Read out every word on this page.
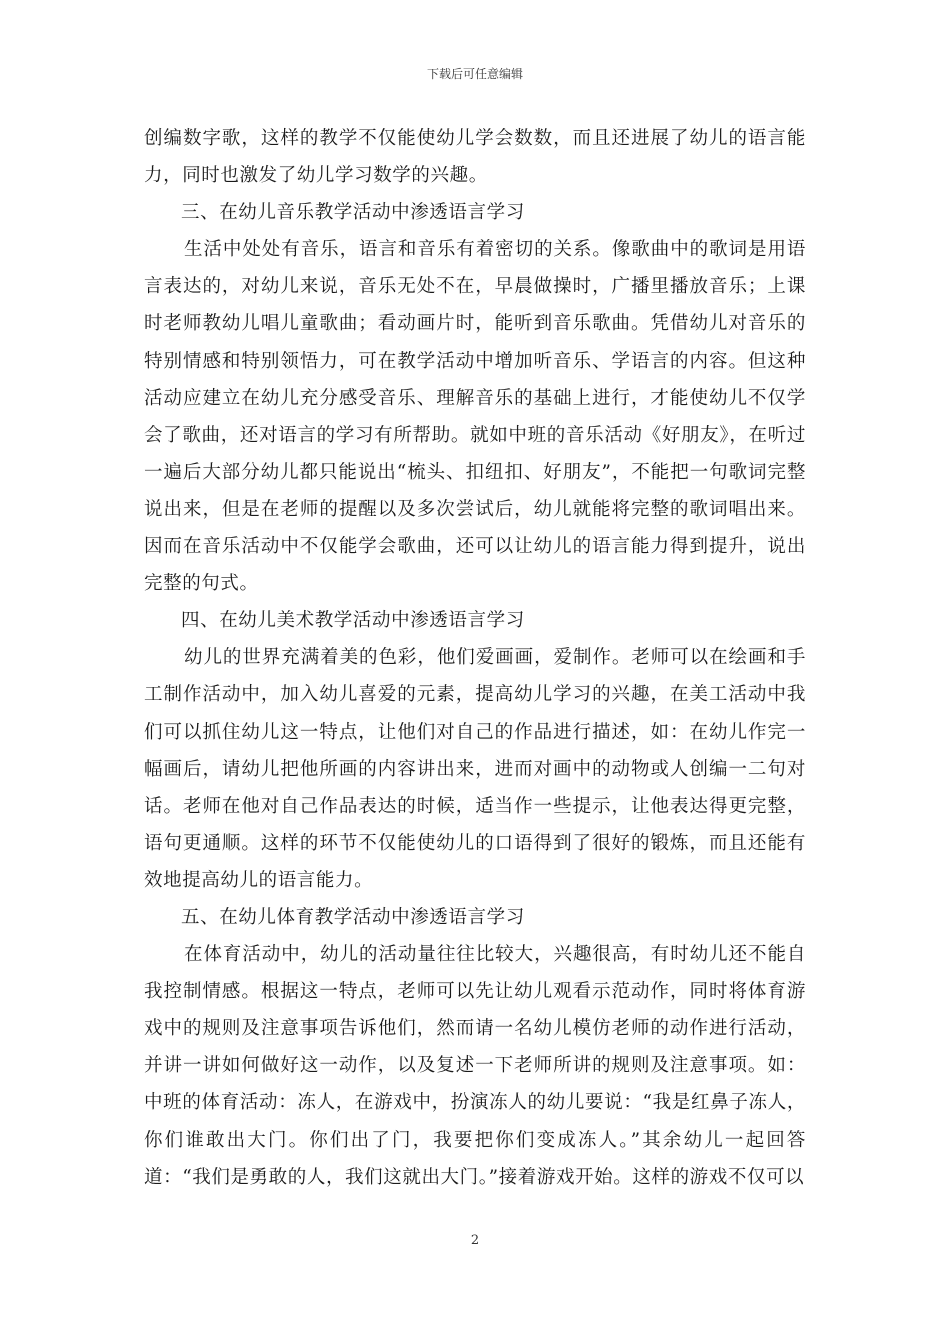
下载后可任意编辑

创编数字歌，这样的教学不仅能使幼儿学会数数，而且还进展了幼儿的语言能力，同时也激发了幼儿学习数学的兴趣。

三、在幼儿音乐教学活动中渗透语言学习

生活中处处有音乐，语言和音乐有着密切的关系。像歌曲中的歌词是用语言表达的，对幼儿来说，音乐无处不在，早晨做操时，广播里播放音乐；上课时老师教幼儿唱儿童歌曲；看动画片时，能听到音乐歌曲。凭借幼儿对音乐的特别情感和特别领悟力，可在教学活动中增加听音乐、学语言的内容。但这种活动应建立在幼儿充分感受音乐、理解音乐的基础上进行，才能使幼儿不仅学会了歌曲，还对语言的学习有所帮助。就如中班的音乐活动《好朋友》，在听过一遍后大部分幼儿都只能说出“梳头、扣纽扣、好朋友”，不能把一句歌词完整说出来，但是在老师的提醒以及多次尝试后，幼儿就能将完整的歌词唱出来。因而在音乐活动中不仅能学会歌曲，还可以让幼儿的语言能力得到提升，说出完整的句式。

四、在幼儿美术教学活动中渗透语言学习

幼儿的世界充满着美的色彩，他们爱画画，爱制作。老师可以在绘画和手工制作活动中，加入幼儿喜爱的元素，提高幼儿学习的兴趣，在美工活动中我们可以抓住幼儿这一特点，让他们对自己的作品进行描述，如：在幼儿作完一幅画后，请幼儿把他所画的内容讲出来，进而对画中的动物或人创编一二句对话。老师在他对自己作品表达的时候，适当作一些提示，让他表达得更完整，语句更通顺。这样的环节不仅能使幼儿的口语得到了很好的锻炼，而且还能有效地提高幼儿的语言能力。

五、在幼儿体育教学活动中渗透语言学习

在体育活动中，幼儿的活动量往往比较大，兴趣很高，有时幼儿还不能自我控制情感。根据这一特点，老师可以先让幼儿观看示范动作，同时将体育游戏中的规则及注意事项告诉他们，然而请一名幼儿模仿老师的动作进行活动，并讲一讲如何做好这一动作，以及复述一下老师所讲的规则及注意事项。如：中班的体育活动：冻人，在游戏中，扮演冻人的幼儿要说：“我是红鼻子冻人，你们谁敢出大门。你们出了门，我要把你们变成冻人。”其余幼儿一起回答道：“我们是勇敢的人，我们这就出大门。”接着游戏开始。这样的游戏不仅可以

2
